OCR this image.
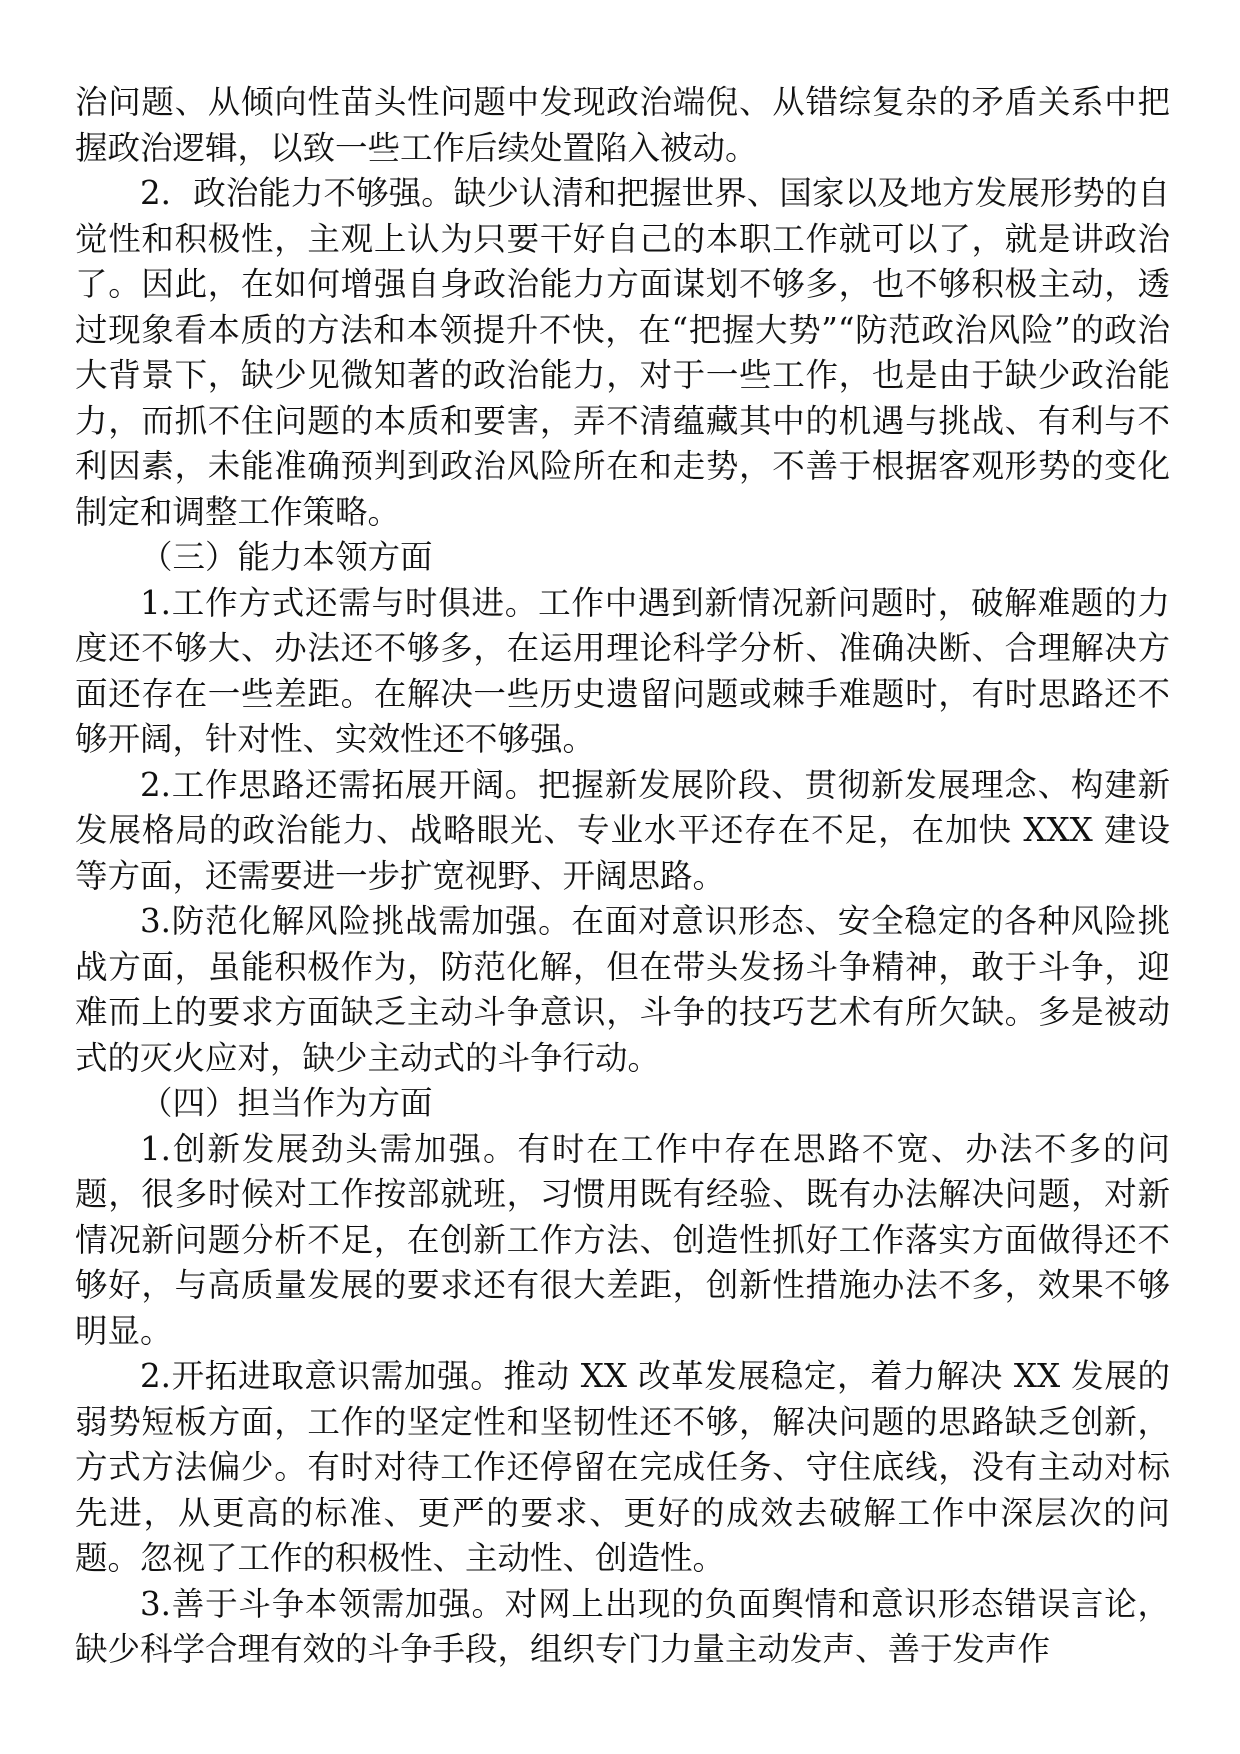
治问题、从倾向性苗头性问题中发现政治端倪、从错综复杂的矛盾关系中把握政治逻辑，以致一些工作后续处置陷入被动。

2．政治能力不够强。缺少认清和把握世界、国家以及地方发展形势的自觉性和积极性，主观上认为只要干好自己的本职工作就可以了，就是讲政治了。因此，在如何增强自身政治能力方面谋划不够多，也不够积极主动，透过现象看本质的方法和本领提升不快，在“把握大势”“防范政治风险”的政治大背景下，缺少见微知著的政治能力，对于一些工作，也是由于缺少政治能力，而抓不住问题的本质和要害，弄不清蕴藏其中的机遇与挑战、有利与不利因素，未能准确预判到政治风险所在和走势，不善于根据客观形势的变化制定和调整工作策略。

（三）能力本领方面

1.工作方式还需与时俱进。工作中遇到新情况新问题时，破解难题的力度还不够大、办法还不够多，在运用理论科学分析、准确决断、合理解决方面还存在一些差距。在解决一些历史遗留问题或棘手难题时，有时思路还不够开阔，针对性、实效性还不够强。

2.工作思路还需拓展开阔。把握新发展阶段、贯彻新发展理念、构建新发展格局的政治能力、战略眼光、专业水平还存在不足，在加快 XXX 建设等方面，还需要进一步扩宽视野、开阔思路。

3.防范化解风险挑战需加强。在面对意识形态、安全稳定的各种风险挑战方面，虽能积极作为，防范化解，但在带头发扬斗争精神，敢于斗争，迎难而上的要求方面缺乏主动斗争意识，斗争的技巧艺术有所欠缺。多是被动式的灭火应对，缺少主动式的斗争行动。

（四）担当作为方面

1.创新发展劲头需加强。有时在工作中存在思路不宽、办法不多的问题，很多时候对工作按部就班，习惯用既有经验、既有办法解决问题，对新情况新问题分析不足，在创新工作方法、创造性抓好工作落实方面做得还不够好，与高质量发展的要求还有很大差距，创新性措施办法不多，效果不够明显。

2.开拓进取意识需加强。推动 XX 改革发展稳定，着力解决 XX 发展的弱势短板方面，工作的坚定性和坚韧性还不够，解决问题的思路缺乏创新，方式方法偏少。有时对待工作还停留在完成任务、守住底线，没有主动对标先进，从更高的标准、更严的要求、更好的成效去破解工作中深层次的问题。忽视了工作的积极性、主动性、创造性。

3.善于斗争本领需加强。对网上出现的负面舆情和意识形态错误言论，缺少科学合理有效的斗争手段，组织专门力量主动发声、善于发声作
